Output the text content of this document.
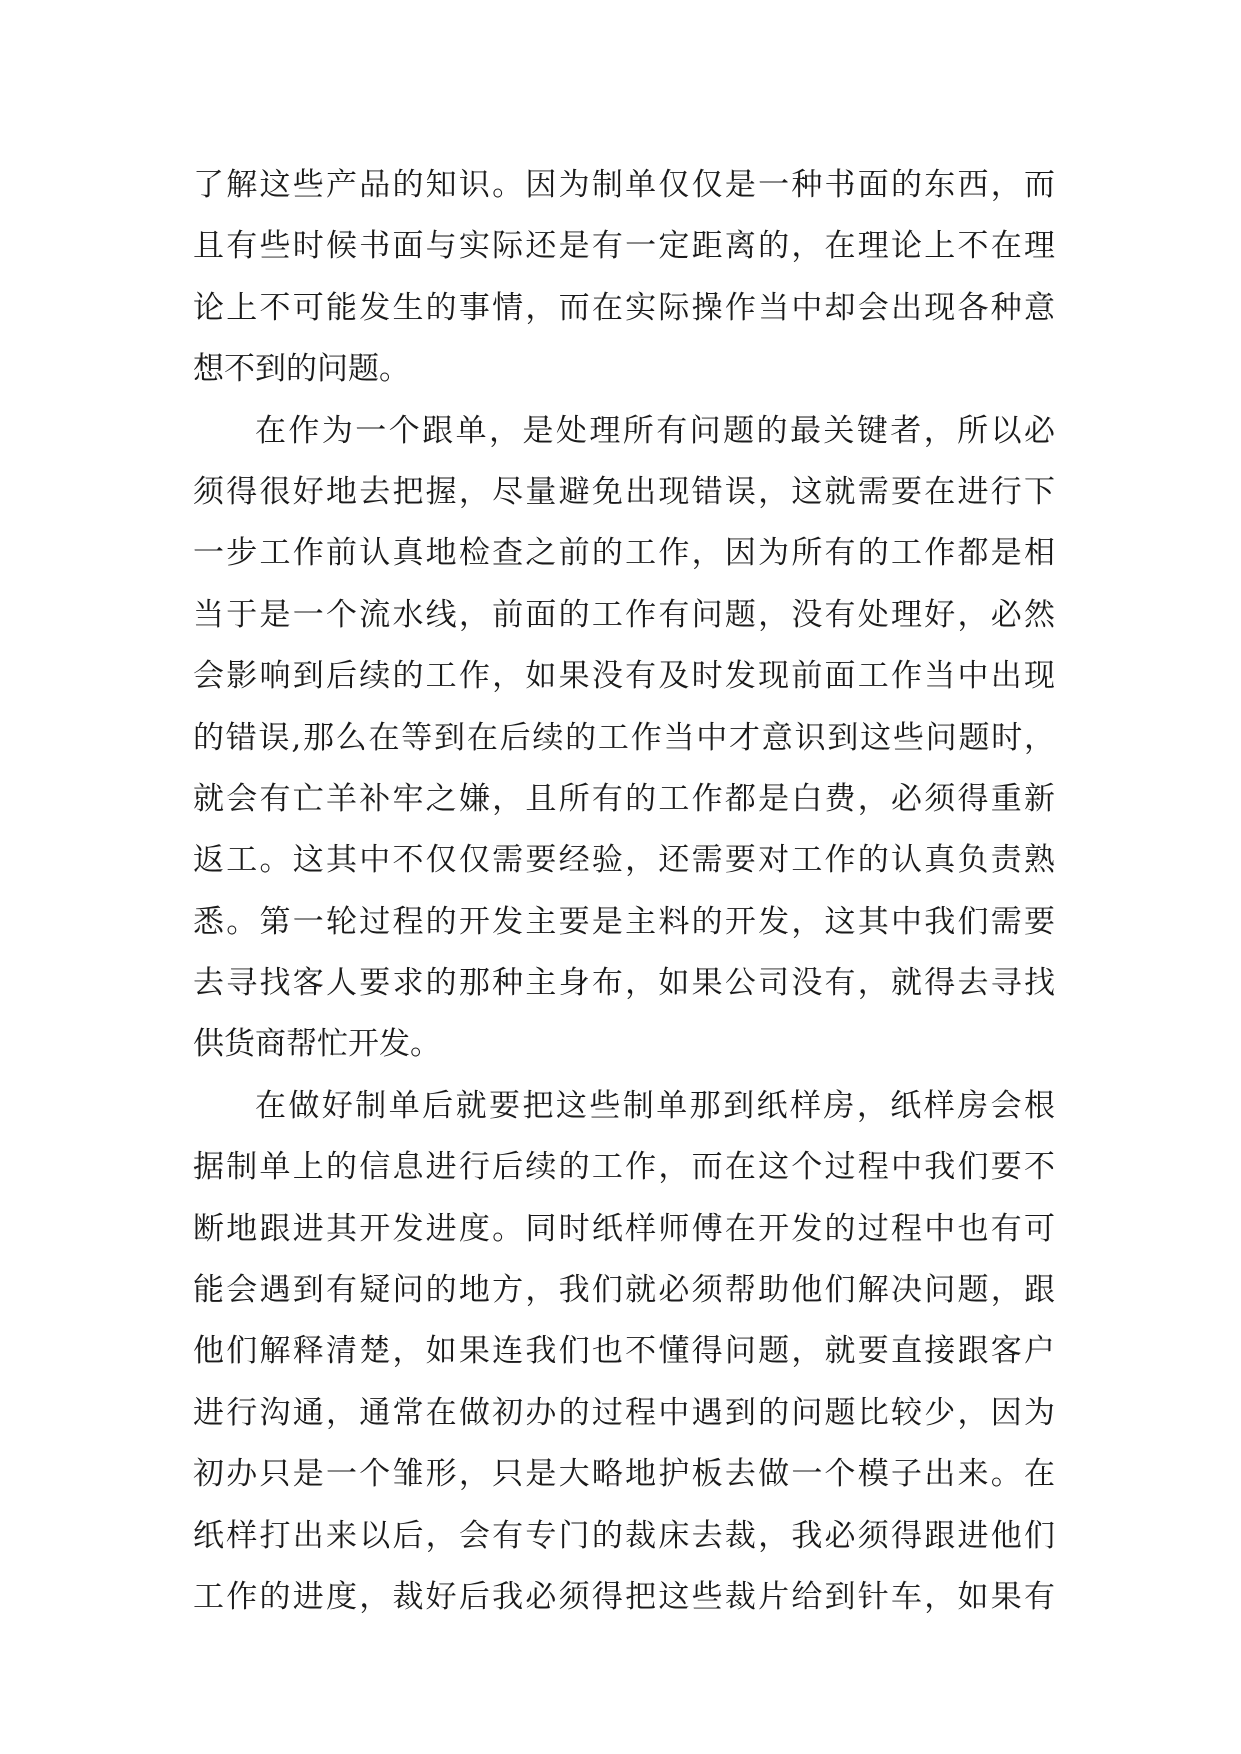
了解这些产品的知识。因为制单仅仅是一种书面的东西，而
且有些时候书面与实际还是有一定距离的，在理论上不在理
论上不可能发生的事情，而在实际操作当中却会出现各种意
想不到的问题。
在作为一个跟单，是处理所有问题的最关键者，所以必
须得很好地去把握，尽量避免出现错误，这就需要在进行下
一步工作前认真地检查之前的工作，因为所有的工作都是相
当于是一个流水线，前面的工作有问题，没有处理好，必然
会影响到后续的工作，如果没有及时发现前面工作当中出现
的错误,那么在等到在后续的工作当中才意识到这些问题时，
就会有亡羊补牢之嫌，且所有的工作都是白费，必须得重新
返工。这其中不仅仅需要经验，还需要对工作的认真负责熟
悉。第一轮过程的开发主要是主料的开发，这其中我们需要
去寻找客人要求的那种主身布，如果公司没有，就得去寻找
供货商帮忙开发。
在做好制单后就要把这些制单那到纸样房，纸样房会根
据制单上的信息进行后续的工作，而在这个过程中我们要不
断地跟进其开发进度。同时纸样师傅在开发的过程中也有可
能会遇到有疑问的地方，我们就必须帮助他们解决问题，跟
他们解释清楚，如果连我们也不懂得问题，就要直接跟客户
进行沟通，通常在做初办的过程中遇到的问题比较少，因为
初办只是一个雏形，只是大略地护板去做一个模子出来。在
纸样打出来以后，会有专门的裁床去裁，我必须得跟进他们
工作的进度，裁好后我必须得把这些裁片给到针车，如果有
